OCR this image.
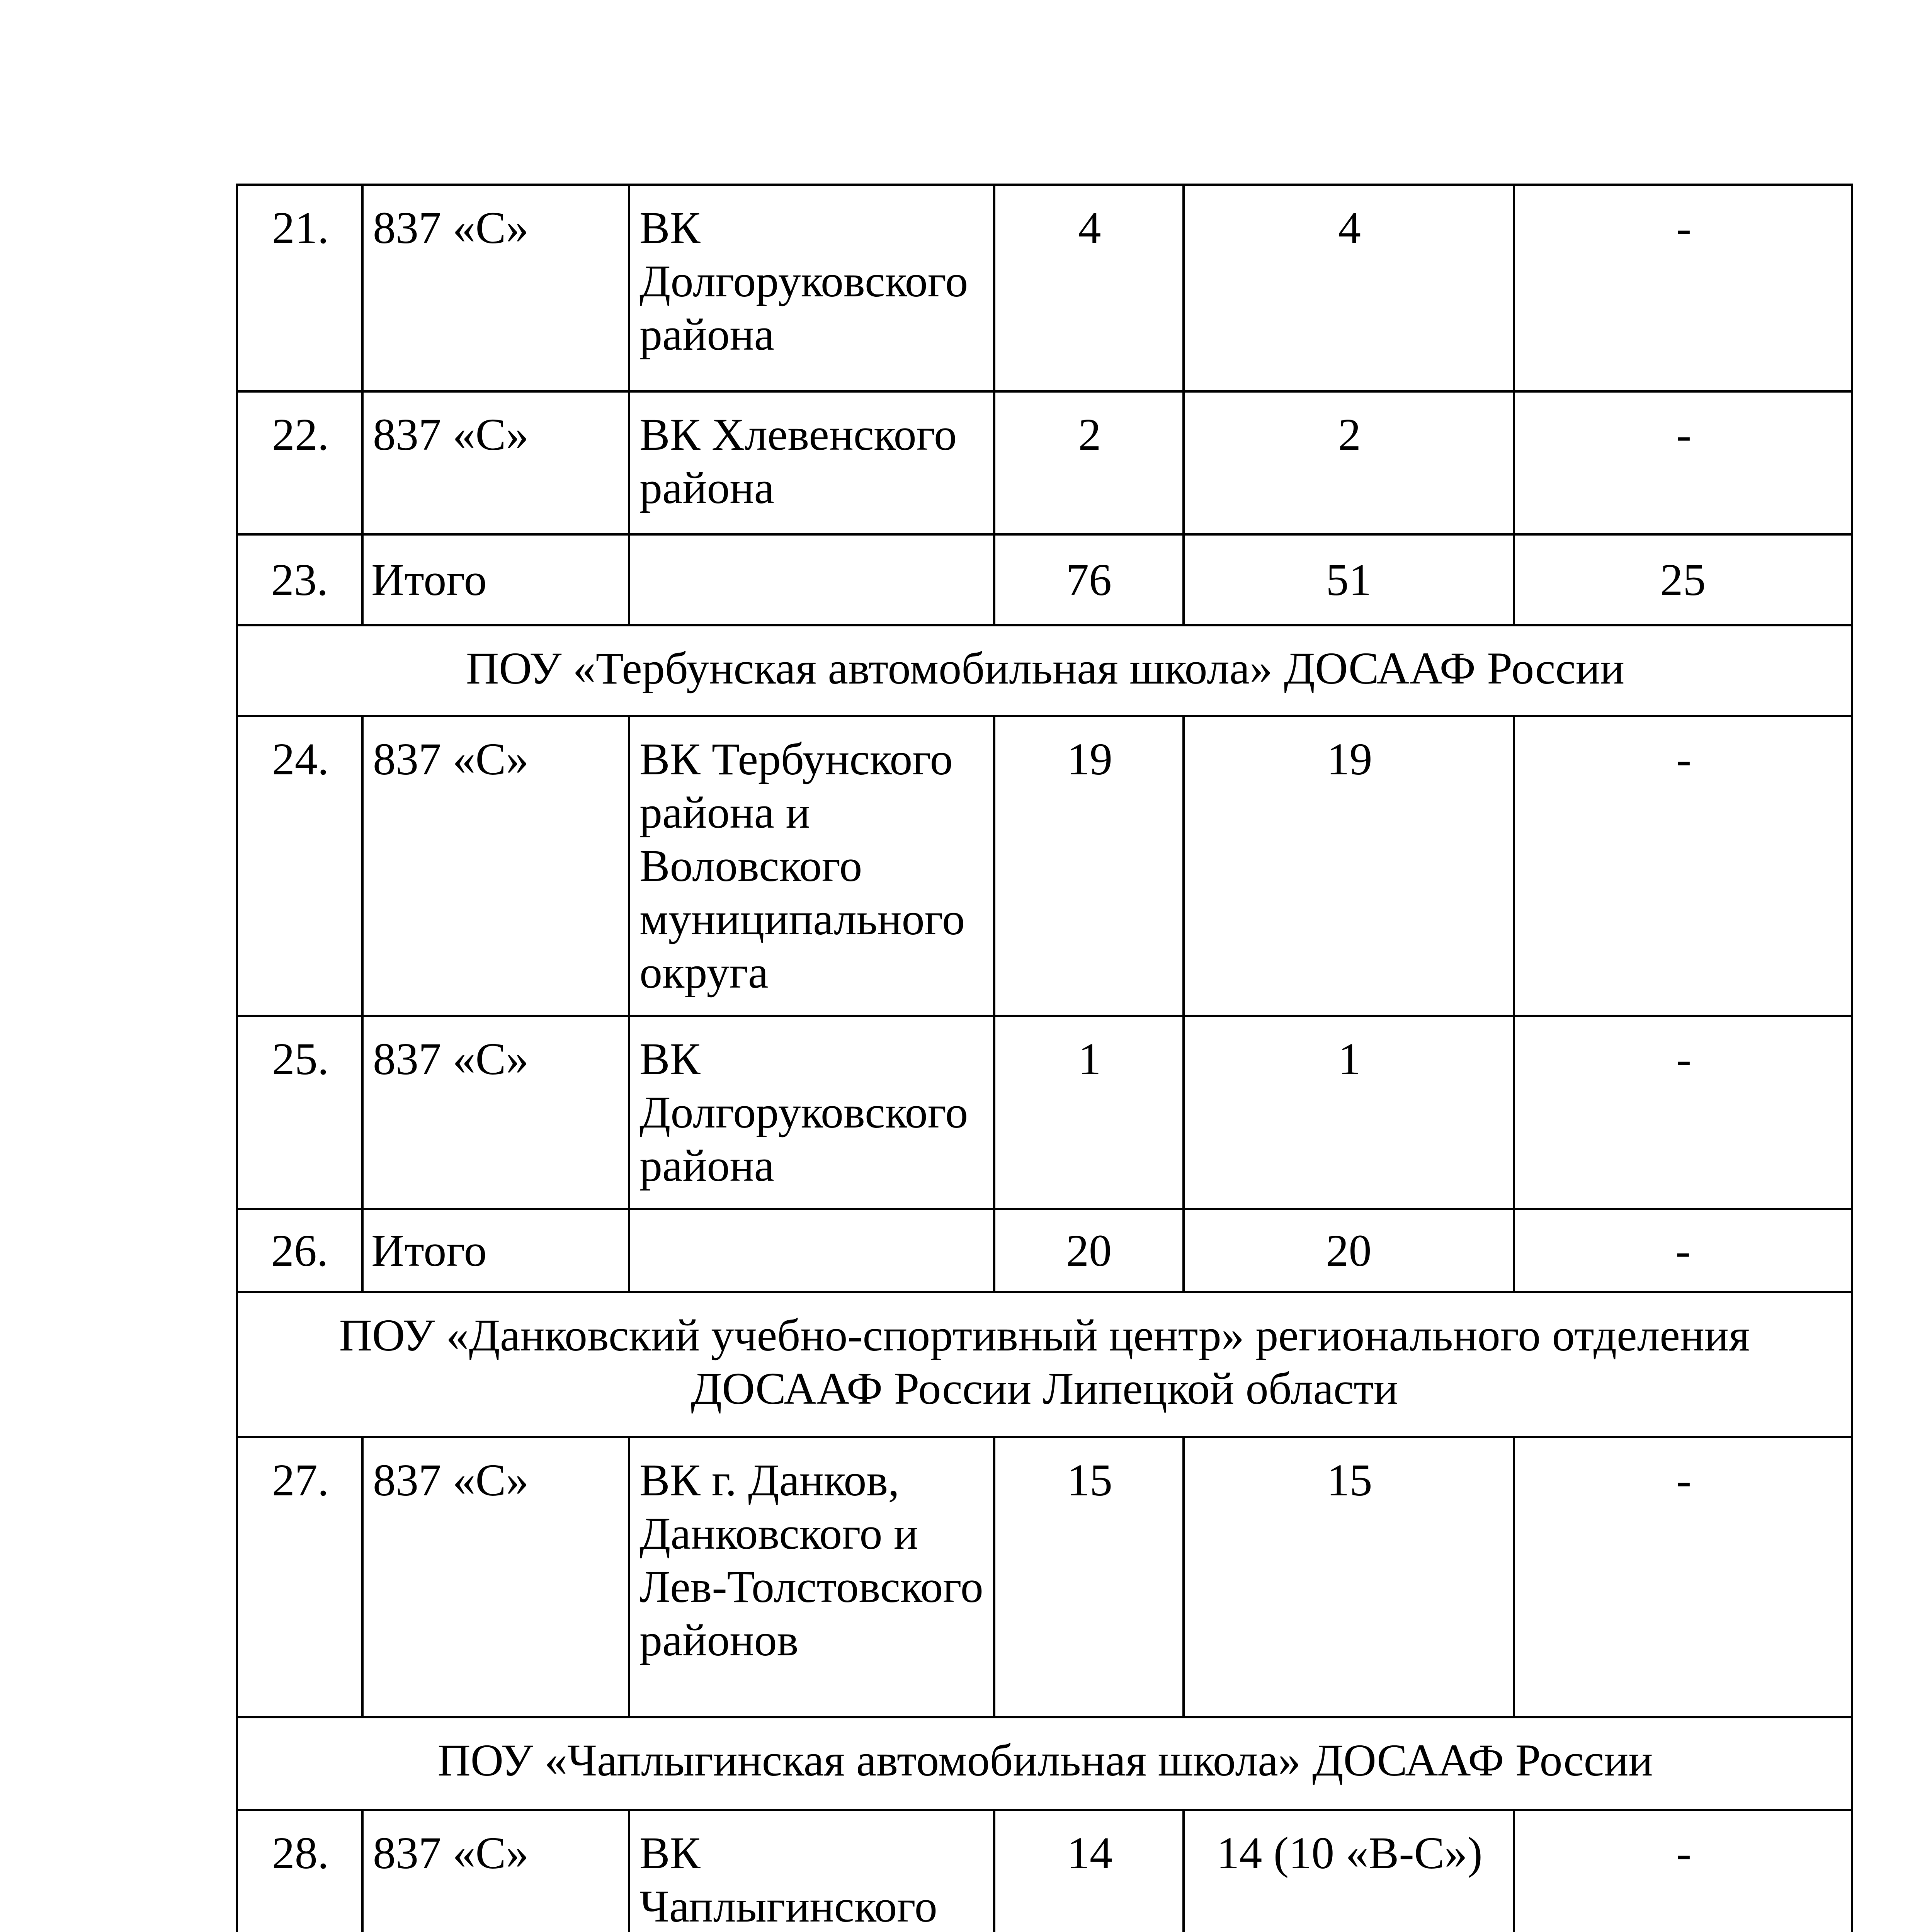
21.	837 «С»	ВК Долгоруковского района	4	4	-
22.	837 «С»	ВК Хлевенского района	2	2	-
23.	Итого		76	51	25
ПОУ «Тербунская автомобильная школа» ДОСААФ России					
24.	837 «С»	ВК Тербунского района и Воловского муниципального округа	19	19	-
25.	837 «С»	ВК Долгоруковского района	1	1	-
26.	Итого		20	20	-
ПОУ «Данковский учебно-спортивный центр» регионального отделения ДОСААФ России Липецкой области					
27.	837 «С»	ВК г. Данков, Данковского и Лев-Толстовского районов	15	15	-
ПОУ «Чаплыгинская автомобильная школа» ДОСААФ России					
28.	837 «С»	ВК Чаплыгинского	14	14 (10 «В-С»)	-
